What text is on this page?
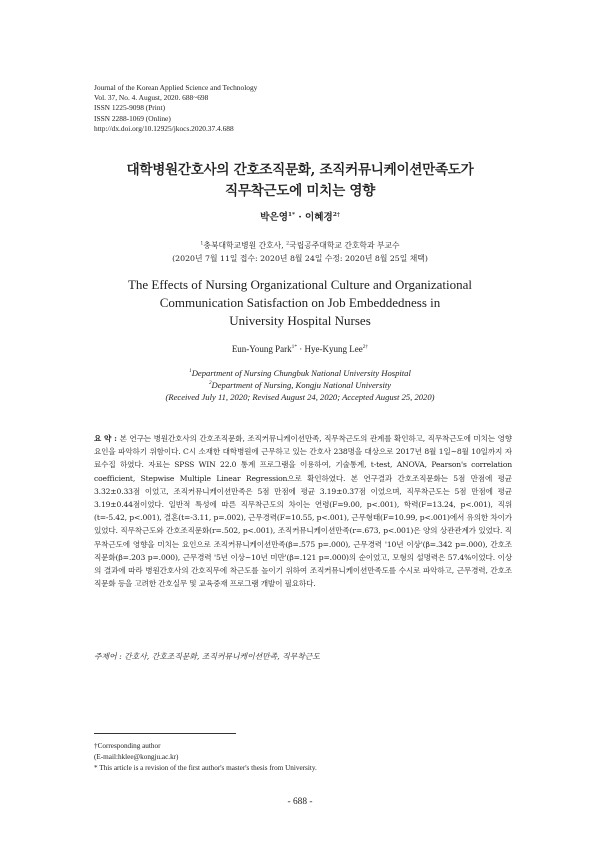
Journal of the Korean Applied Science and Technology
Vol. 37, No. 4. August, 2020. 688~698
ISSN 1225-9098 (Print)
ISSN 2288-1069 (Online)
http://dx.doi.org/10.12925/jkocs.2020.37.4.688
대학병원간호사의 간호조직문화, 조직커뮤니케이션만족도가
직무착근도에 미치는 영향
박은영$^{1*}$ · 이혜경$^{2\dagger}$
$^1$충북대학교병원 간호사, $^2$국립공주대학교 간호학과 부교수
(2020년 7월 11일 접수: 2020년 8월 24일 수정: 2020년 8월 25일 채택)
The Effects of Nursing Organizational Culture and Organizational
Communication Satisfaction on Job Embeddedness in
University Hospital Nurses
Eun-Young Park$^{1*}$ · Hye-Kyung Lee$^{2\dagger}$
$^1$Department of Nursing Chungbuk National University Hospital
$^2$Department of Nursing, Kongju National University
(Received July 11, 2020; Revised August 24, 2020; Accepted August 25, 2020)
요 약 : 본 연구는 병원간호사의 간호조직문화, 조직커뮤니케이션만족, 직무착근도의 관계를 확인하고, 직무착근도에 미치는 영향요인을 파악하기 위함이다. C시 소재한 대학병원에 근무하고 있는 간호사 238명을 대상으로 2017년 8월 1일~8월 10일까지 자료수집 하였다. 자료는 SPSS WIN 22.0 통계 프로그램을 이용하여, 기술통계, t-test, ANOVA, Pearson's correlation coefficient, Stepwise Multiple Linear Regression으로 확인하였다. 본 연구결과 간호조직문화는 5점 만점에 평균 3.32±0.33점 이었고, 조직커뮤니케이션만족은 5점 만점에 평균 3.19±0.37점 이었으며, 직무착근도는 5점 만점에 평균 3.19±0.44점이었다. 일반적 특성에 따른 직무착근도의 차이는 연령(F=9.00, p<.001), 학력(F=13.24, p<.001), 직위(t=-5.42, p<.001), 결혼(t=-3.11, p=.002), 근무경력(F=10.55, p<.001), 근무형태(F=10.99, p<.001)에서 유의한 차이가 있었다. 직무착근도와 간호조직문화(r=.502, p<.001), 조직커뮤니케이션만족(r=.673, p<.001)은 양의 상관관계가 있었다. 직무착근도에 영향을 미치는 요인으로 조직커뮤니케이션만족(β=.575 p=.000), 근무경력 '10년 이상'(β=.342 p=.000), 간호조직문화(β=.203 p=.000), 근무경력 '5년 이상~10년 미만'(β=.121 p=.000)의 순이었고, 모형의 설명력은 57.4%이었다. 이상의 결과에 따라 병원간호사의 간호직무에 착근도를 높이기 위하여 조직커뮤니케이션만족도를 수시로 파악하고, 근무경력, 간호조직문화 등을 고려한 간호실무 및 교육중재 프로그램 개발이 필요하다.
주제어 : 간호사, 간호조직문화, 조직커뮤니케이션만족, 직무착근도
†Corresponding author
(E-mail:hklee@kongju.ac.kr)
* This article is a revision of the first author's master's thesis from University.
- 688 -
